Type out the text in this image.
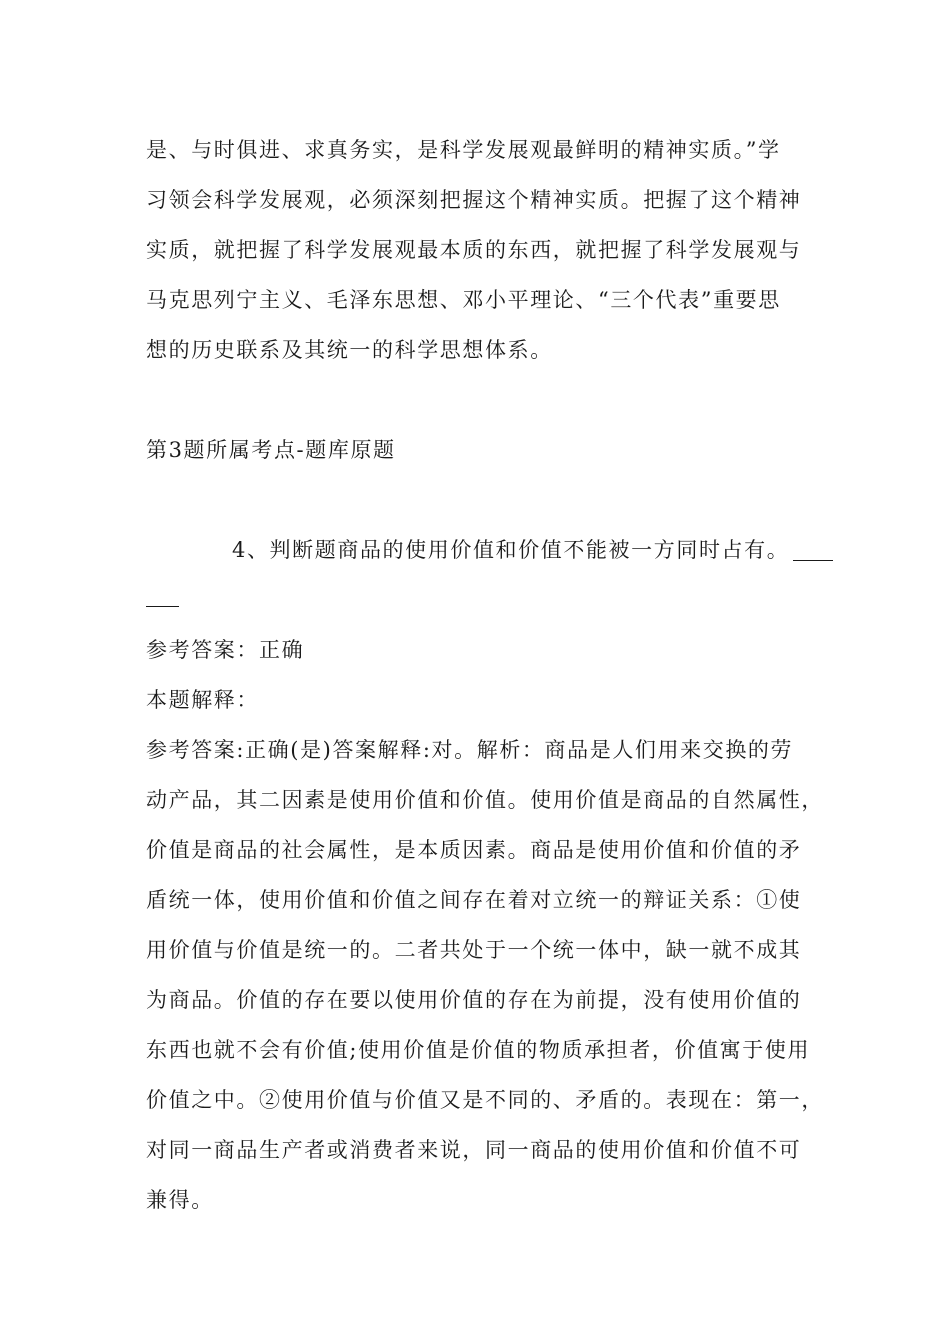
是、与时俱进、求真务实，是科学发展观最鲜明的精神实质。”学
习领会科学发展观，必须深刻把握这个精神实质。把握了这个精神
实质，就把握了科学发展观最本质的东西，就把握了科学发展观与
马克思列宁主义、毛泽东思想、邓小平理论、“三个代表”重要思
想的历史联系及其统一的科学思想体系。
第3题所属考点-题库原题
4、判断题商品的使用价值和价值不能被一方同时占有。
参考答案：正确
本题解释：
参考答案:正确(是)答案解释:对。解析：商品是人们用来交换的劳
动产品，其二因素是使用价值和价值。使用价值是商品的自然属性，
价值是商品的社会属性，是本质因素。商品是使用价值和价值的矛
盾统一体，使用价值和价值之间存在着对立统一的辩证关系：①使
用价值与价值是统一的。二者共处于一个统一体中，缺一就不成其
为商品。价值的存在要以使用价值的存在为前提，没有使用价值的
东西也就不会有价值;使用价值是价值的物质承担者，价值寓于使用
价值之中。②使用价值与价值又是不同的、矛盾的。表现在：第一，
对同一商品生产者或消费者来说，同一商品的使用价值和价值不可
兼得。
